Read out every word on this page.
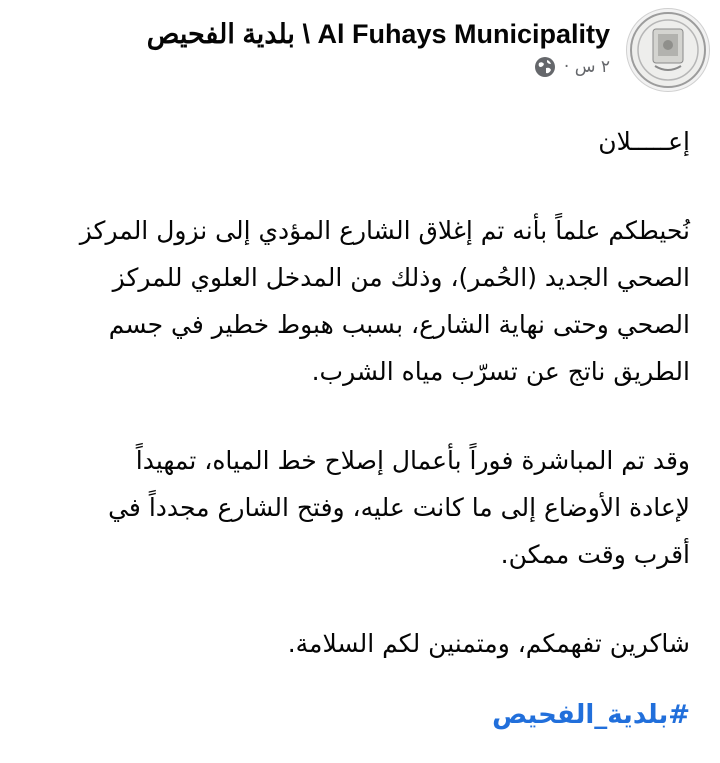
Al Fuhays Municipality \ بلدية الفحيص
٢ س ·
إعـــــلان
نُحيطكم علماً بأنه تم إغلاق الشارع المؤدي إلى نزول المركز
الصحي الجديد (الحُمر)، وذلك من المدخل العلوي للمركز
الصحي وحتى نهاية الشارع، بسبب هبوط خطير في جسم
الطريق ناتج عن تسرّب مياه الشرب.
وقد تم المباشرة فوراً بأعمال إصلاح خط المياه، تمهيداً
لإعادة الأوضاع إلى ما كانت عليه، وفتح الشارع مجدداً في
أقرب وقت ممكن.
شاكرين تفهمكم، ومتمنين لكم السلامة.
#بلدية_الفحيص
